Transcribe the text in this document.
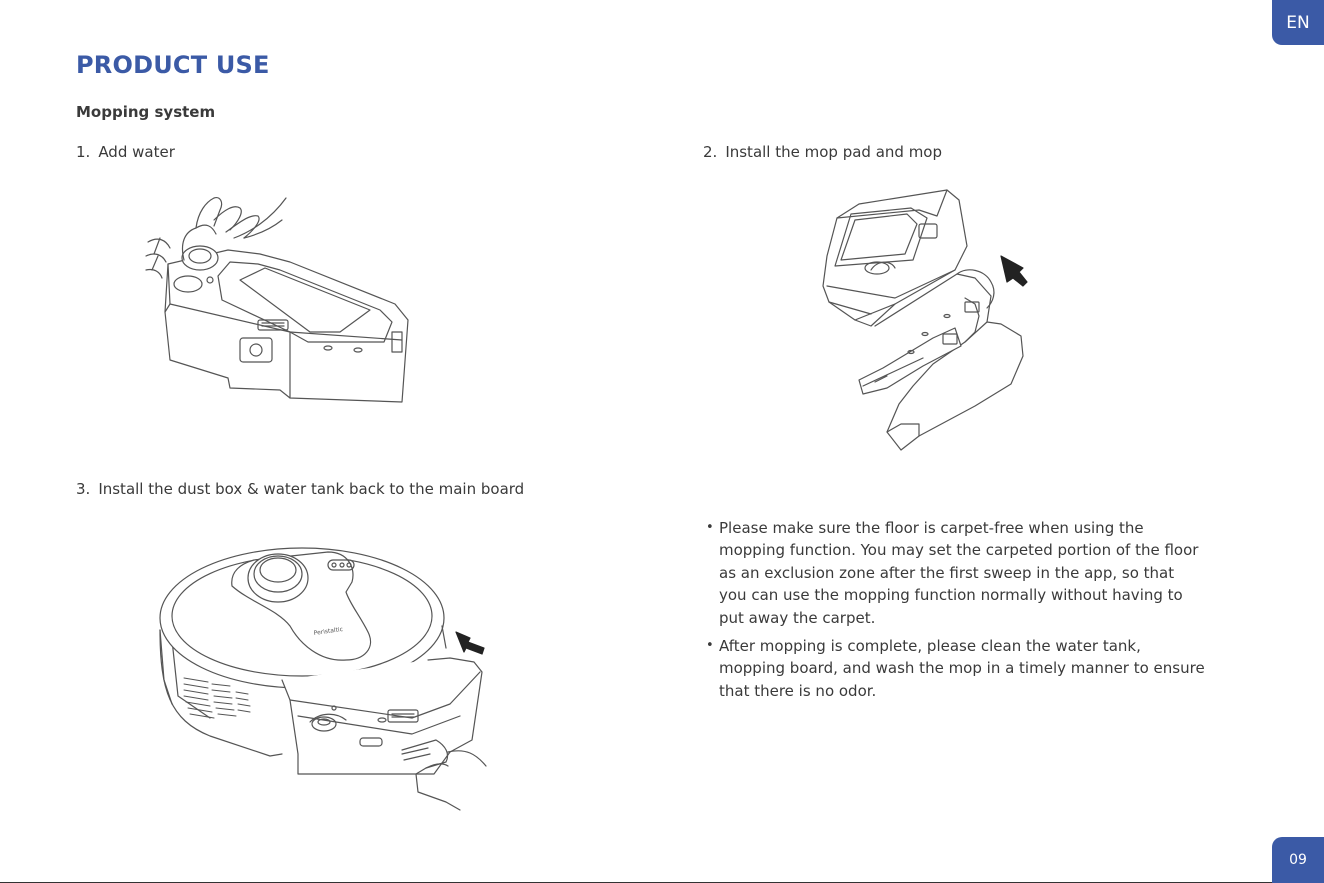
EN
PRODUCT USE
Mopping system
1. Add water	2. Install the mop pad and mop
3. Install the dust box & water tank back to the main board
Peristaltic
• Please make sure the floor is carpet-free when using the mopping function. You may set the carpeted portion of the floor as an exclusion zone after the first sweep in the app, so that you can use the mopping function normally without having to put away the carpet.
• After mopping is complete, please clean the water tank, mopping board, and wash the mop in a timely manner to ensure that there is no odor.
09
